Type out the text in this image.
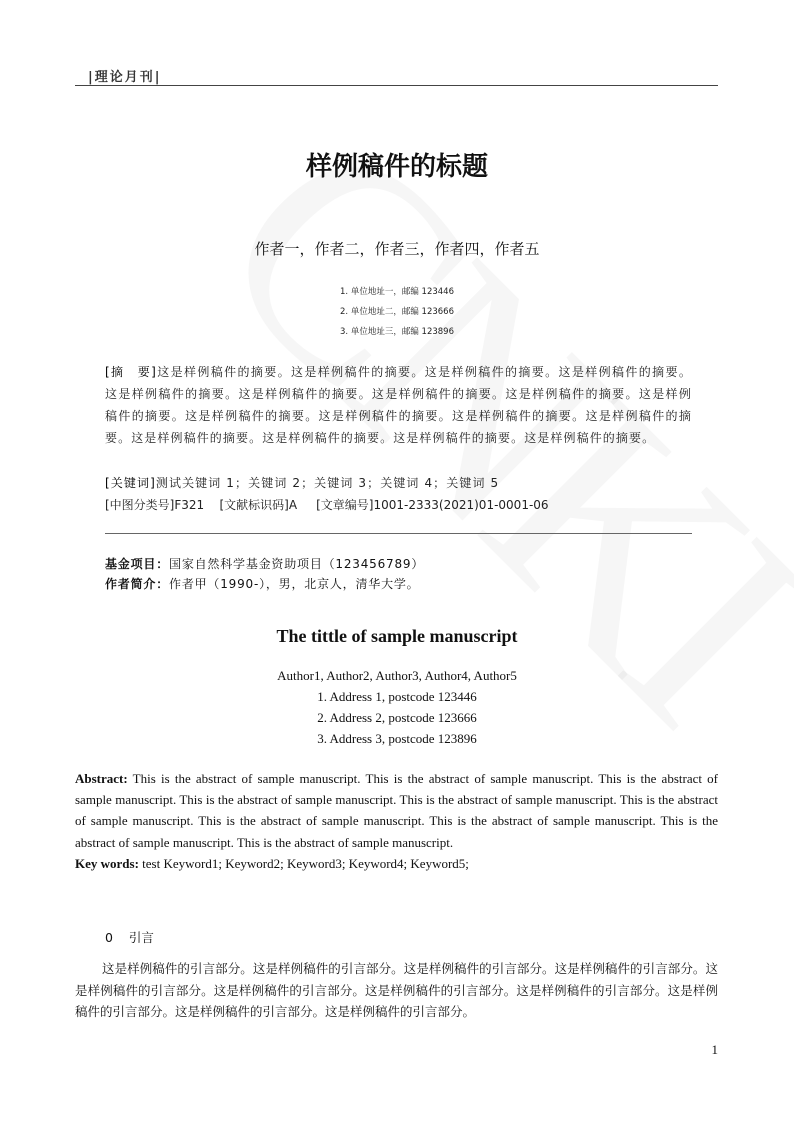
|理论月刊|
样例稿件的标题
作者一，作者二，作者三，作者四，作者五
1. 单位地址一，邮编 123446
2. 单位地址二，邮编 123666
3. 单位地址三，邮编 123896
[摘　要]这是样例稿件的摘要。这是样例稿件的摘要。这是样例稿件的摘要。这是样例稿件的摘要。这是样例稿件的摘要。这是样例稿件的摘要。这是样例稿件的摘要。这是样例稿件的摘要。这是样例稿件的摘要。这是样例稿件的摘要。这是样例稿件的摘要。这是样例稿件的摘要。这是样例稿件的摘要。这是样例稿件的摘要。这是样例稿件的摘要。这是样例稿件的摘要。这是样例稿件的摘要。
[关键词]测试关键词 1；关键词 2；关键词 3；关键词 4；关键词 5
[中图分类号]F321 [文献标识码]A [文章编号]1001-2333(2021)01-0001-06
基金项目：国家自然科学基金资助项目（123456789）
作者简介：作者甲（1990-），男，北京人，清华大学。
The tittle of sample manuscript
Author1, Author2, Author3, Author4, Author5
1. Address 1, postcode 123446
2. Address 2, postcode 123666
3. Address 3, postcode 123896
Abstract: This is the abstract of sample manuscript. This is the abstract of sample manuscript. This is the abstract of sample manuscript. This is the abstract of sample manuscript. This is the abstract of sample manuscript. This is the abstract of sample manuscript. This is the abstract of sample manuscript. This is the abstract of sample manuscript. This is the abstract of sample manuscript. This is the abstract of sample manuscript.
Key words: test Keyword1; Keyword2; Keyword3; Keyword4; Keyword5;
0 引言
这是样例稿件的引言部分。这是样例稿件的引言部分。这是样例稿件的引言部分。这是样例稿件的引言部分。这是样例稿件的引言部分。这是样例稿件的引言部分。这是样例稿件的引言部分。这是样例稿件的引言部分。这是样例稿件的引言部分。这是样例稿件的引言部分。这是样例稿件的引言部分。
1
